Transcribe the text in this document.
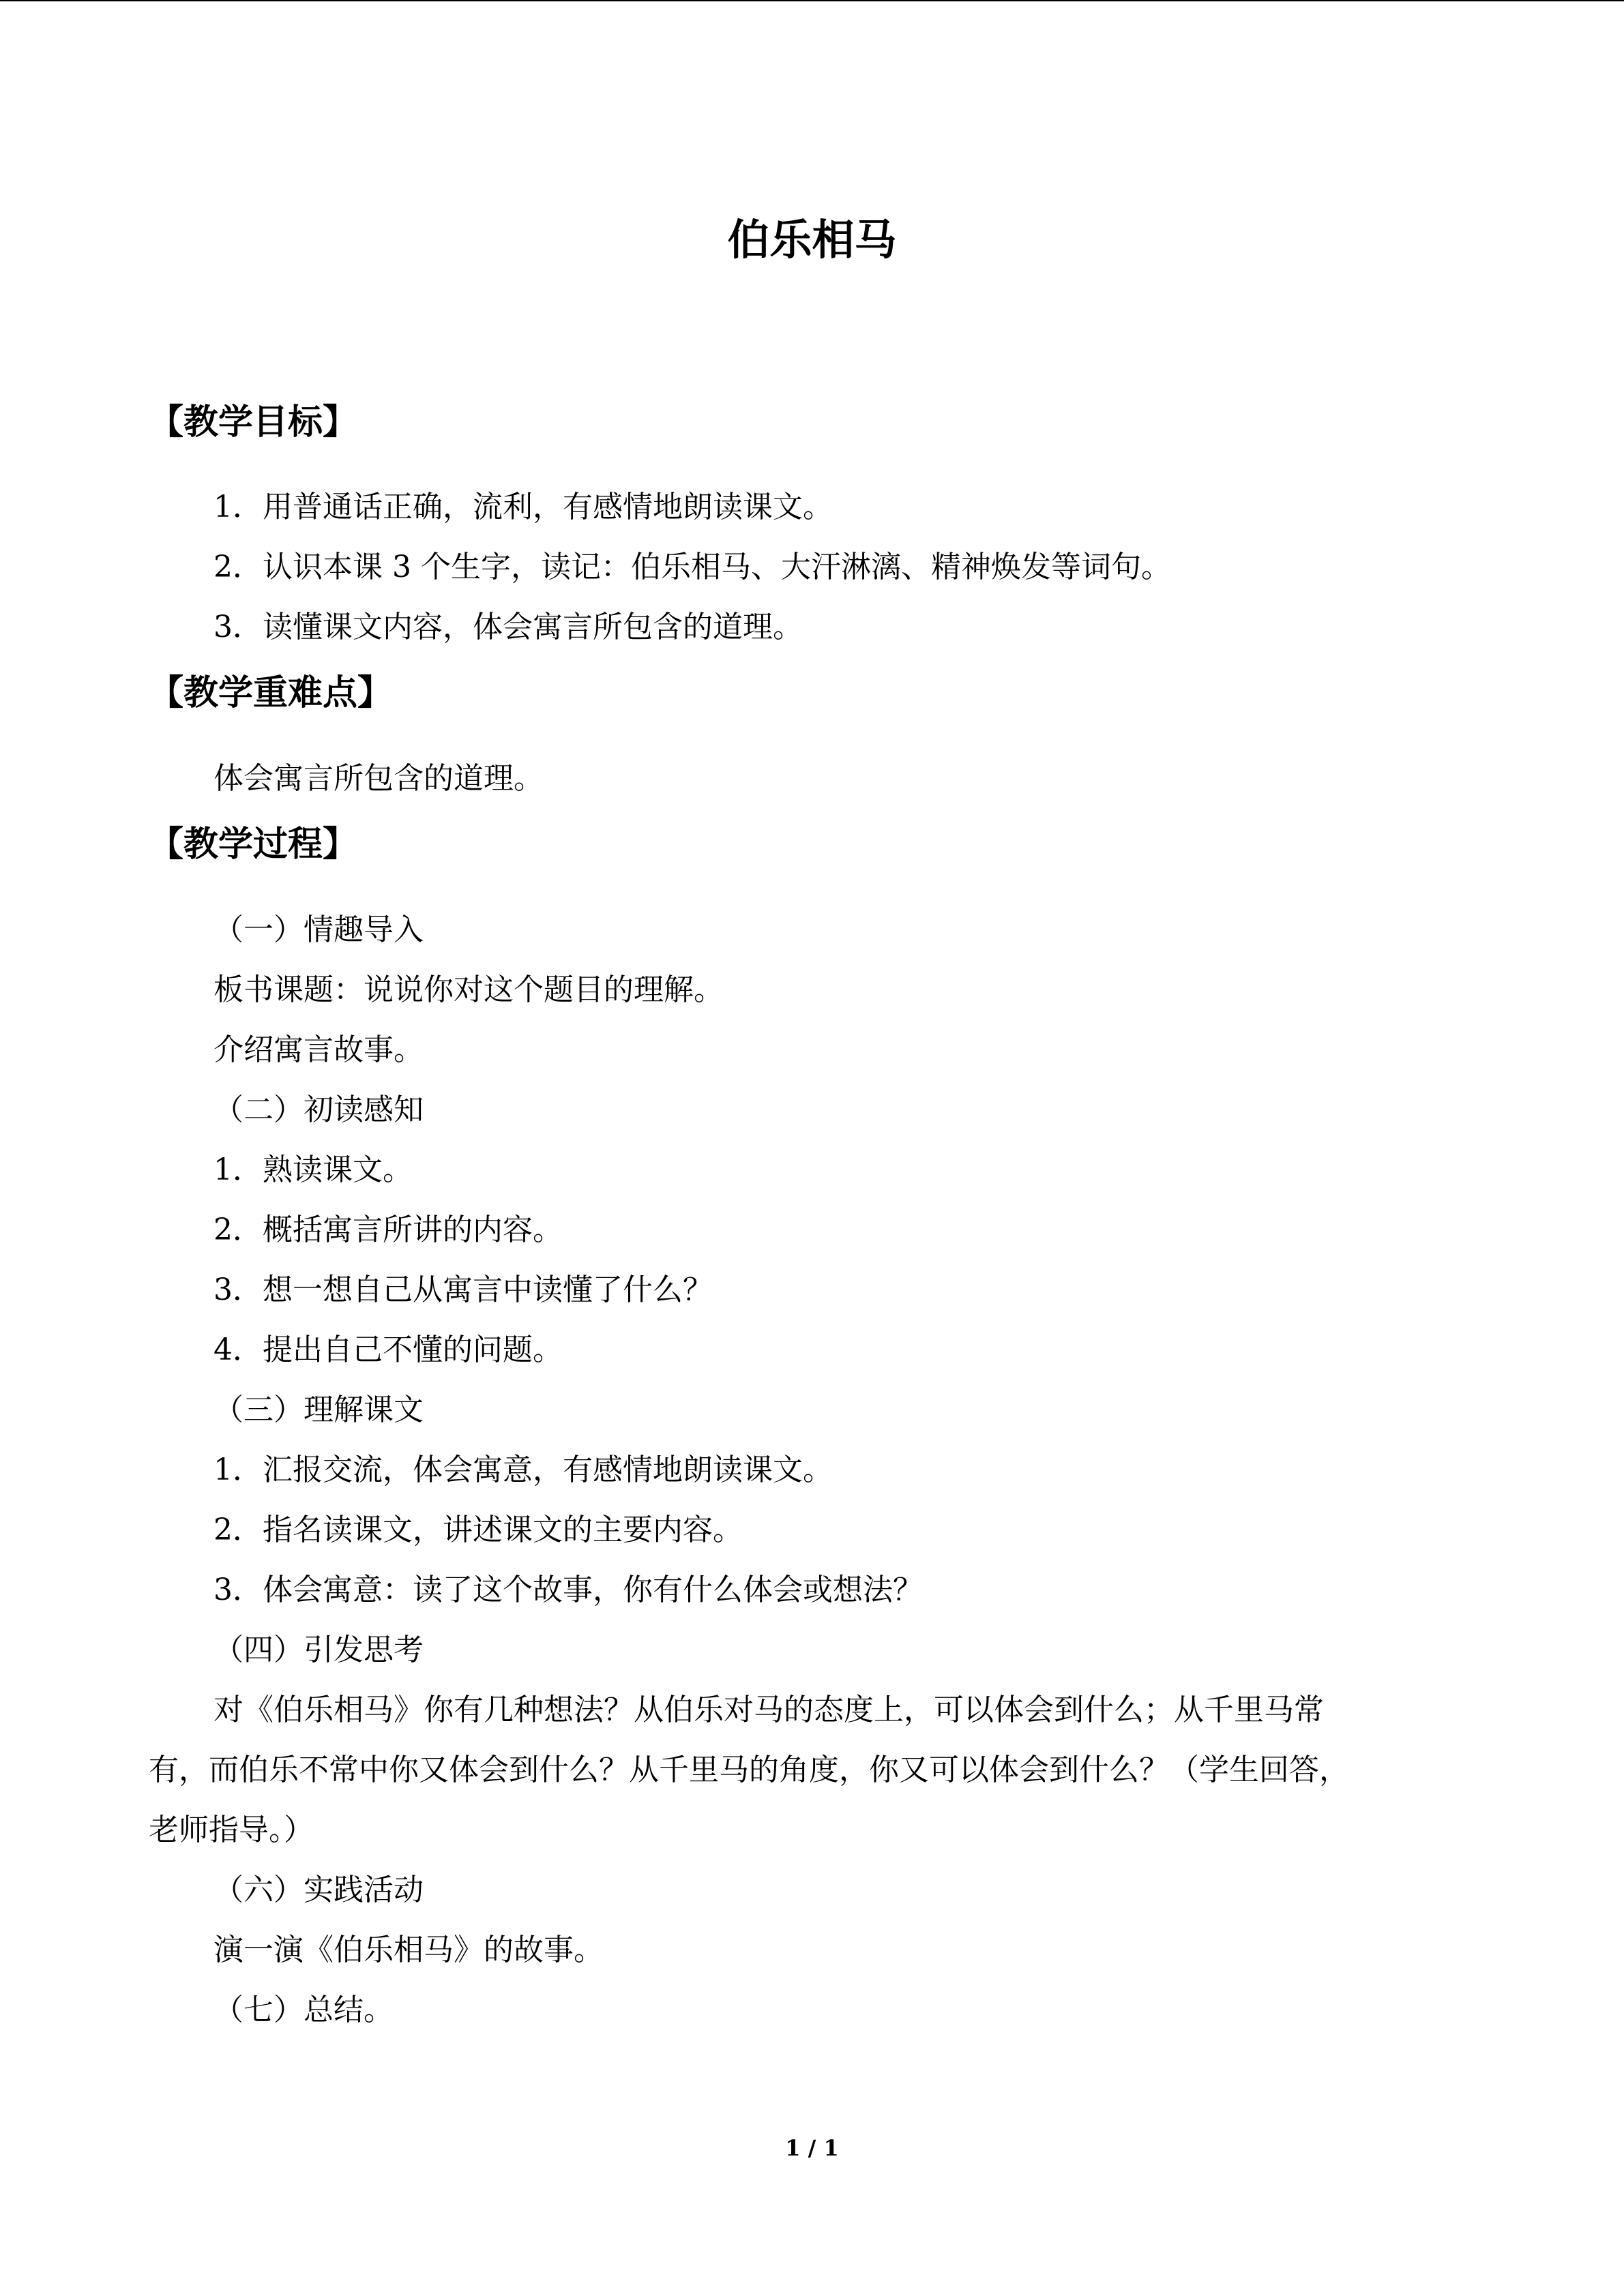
伯乐相马
【教学目标】

1．用普通话正确，流利，有感情地朗读课文。

2．认识本课 3 个生字，读记：伯乐相马、大汗淋漓、精神焕发等词句。

3．读懂课文内容，体会寓言所包含的道理。

【教学重难点】

体会寓言所包含的道理。

【教学过程】

（一）情趣导入

板书课题：说说你对这个题目的理解。

介绍寓言故事。

（二）初读感知

1．熟读课文。

2．概括寓言所讲的内容。

3．想一想自己从寓言中读懂了什么？

4．提出自己不懂的问题。

（三）理解课文

1．汇报交流，体会寓意，有感情地朗读课文。

2．指名读课文，讲述课文的主要内容。

3．体会寓意：读了这个故事，你有什么体会或想法？

（四）引发思考

对《伯乐相马》你有几种想法？从伯乐对马的态度上，可以体会到什么；从千里马常

有，而伯乐不常中你又体会到什么？从千里马的角度，你又可以体会到什么？（学生回答，

老师指导。）

（六）实践活动

演一演《伯乐相马》的故事。

（七）总结。

1 / 1
